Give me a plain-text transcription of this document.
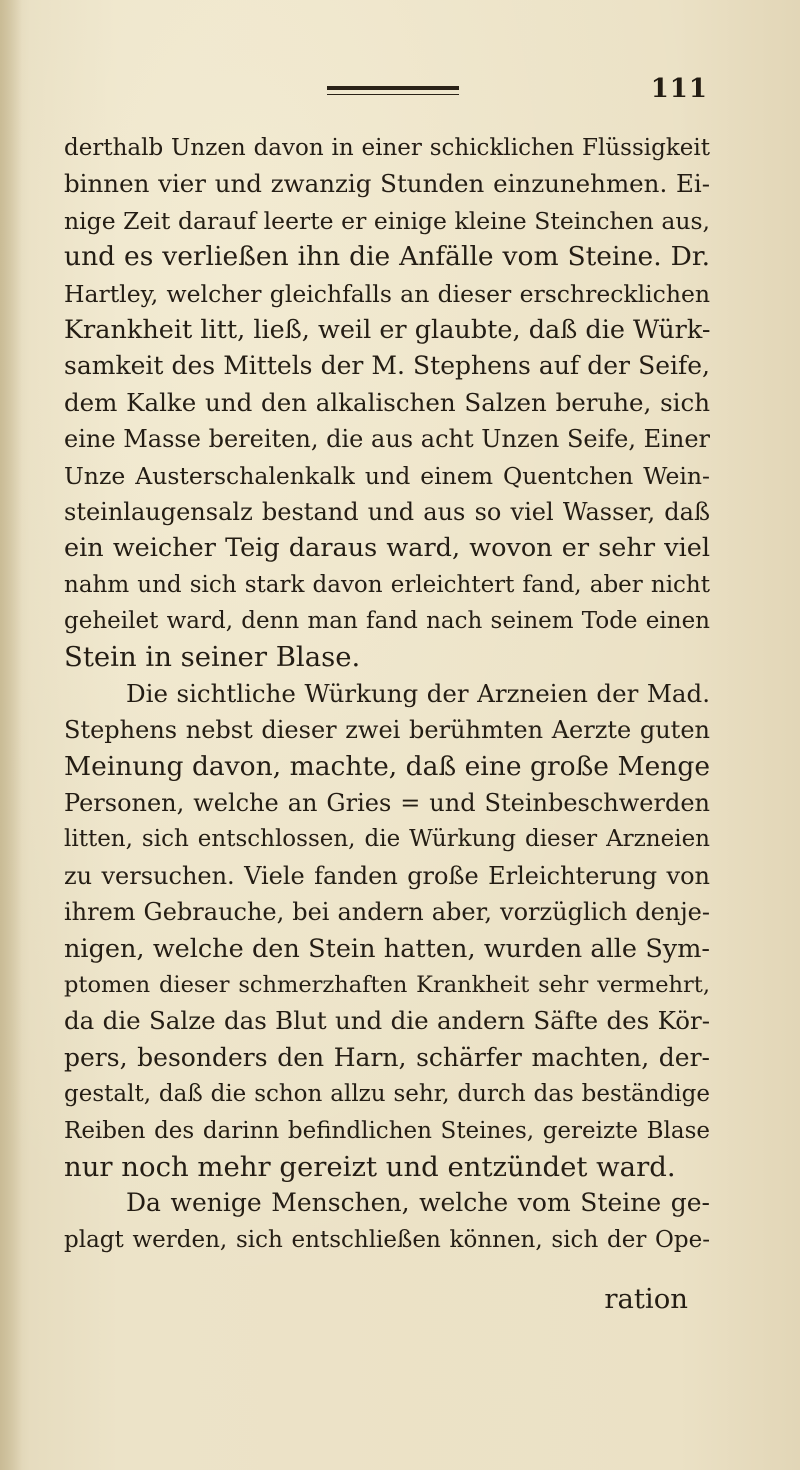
111
derthalb Unzen davon in einer schicklichen Flüssigkeit
binnen vier und zwanzig Stunden einzunehmen. Ei-
nige Zeit darauf leerte er einige kleine Steinchen aus,
und es verließen ihn die Anfälle vom Steine. Dr.
Hartley, welcher gleichfalls an dieser erschrecklichen
Krankheit litt, ließ, weil er glaubte, daß die Würk-
samkeit des Mittels der M. Stephens auf der Seife,
dem Kalke und den alkalischen Salzen beruhe, sich
eine Masse bereiten, die aus acht Unzen Seife, Einer
Unze Austerschalenkalk und einem Quentchen Wein-
steinlaugensalz bestand und aus so viel Wasser, daß
ein weicher Teig daraus ward, wovon er sehr viel
nahm und sich stark davon erleichtert fand, aber nicht
geheilet ward, denn man fand nach seinem Tode einen
Stein in seiner Blase.
Die sichtliche Würkung der Arzneien der Mad.
Stephens nebst dieser zwei berühmten Aerzte guten
Meinung davon, machte, daß eine große Menge
Personen, welche an Gries = und Steinbeschwerden
litten, sich entschlossen, die Würkung dieser Arzneien
zu versuchen. Viele fanden große Erleichterung von
ihrem Gebrauche, bei andern aber, vorzüglich denje-
nigen, welche den Stein hatten, wurden alle Sym-
ptomen dieser schmerzhaften Krankheit sehr vermehrt,
da die Salze das Blut und die andern Säfte des Kör-
pers, besonders den Harn, schärfer machten, der-
gestalt, daß die schon allzu sehr, durch das beständige
Reiben des darinn befindlichen Steines, gereizte Blase
nur noch mehr gereizt und entzündet ward.
Da wenige Menschen, welche vom Steine ge-
plagt werden, sich entschließen können, sich der Ope-
ration
